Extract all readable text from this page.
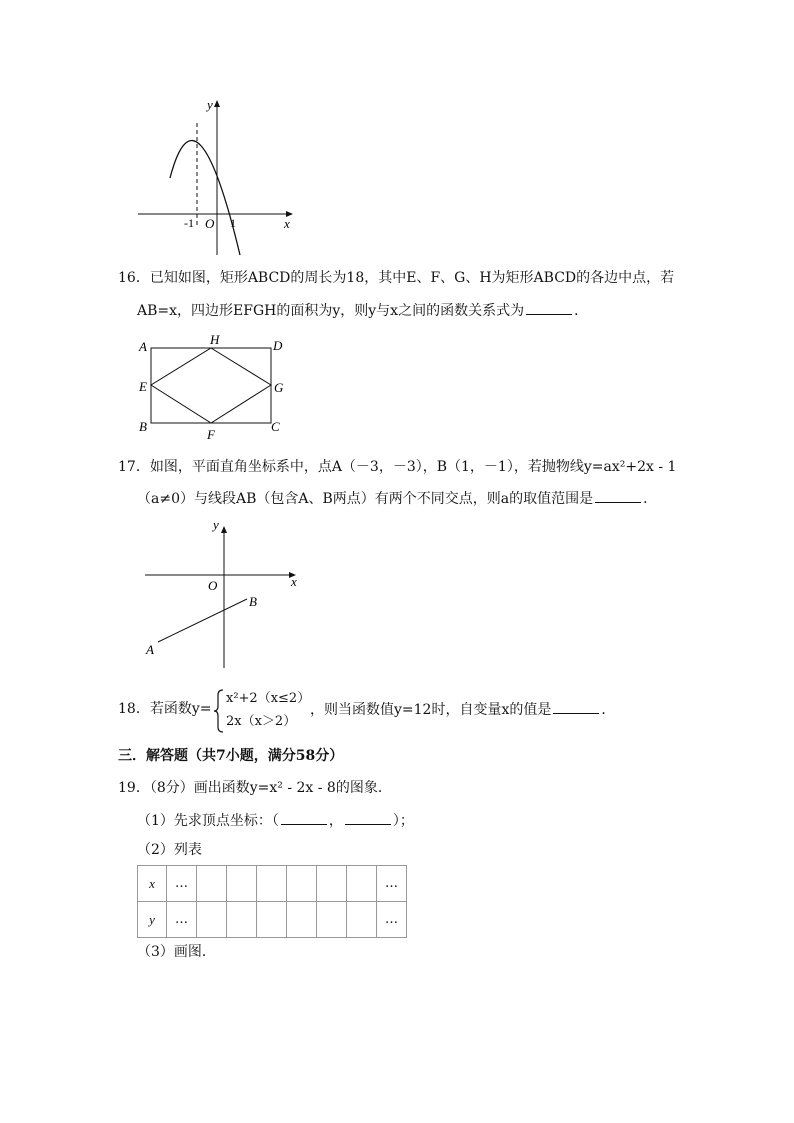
y
x
O
-1	1
16．已知如图，矩形ABCD的周长为18，其中E、F、G、H为矩形ABCD的各边中点，若
AB=x，四边形EFGH的面积为y，则y与x之间的函数关系式为	．
A	H	D
E	G
B
F
C
17．如图，平面直角坐标系中，点A（－3，－3），B（1，－1），若抛物线y=ax²+2x - 1
（a≠0）与线段AB（包含A、B两点）有两个不同交点，则a的取值范围是	．
y
x
O
A
B
18．若函数y=
x²+2（x≤2）
2x（x＞2）
，则当函数值y=12时，自变量x的值是	．
三．解答题（共7小题，满分58分）
19．（8分）画出函数y=x² - 2x - 8的图象．
（1）先求顶点坐标：（	，	）；
（2）列表
x	…							…
y	…							…
（3）画图．
